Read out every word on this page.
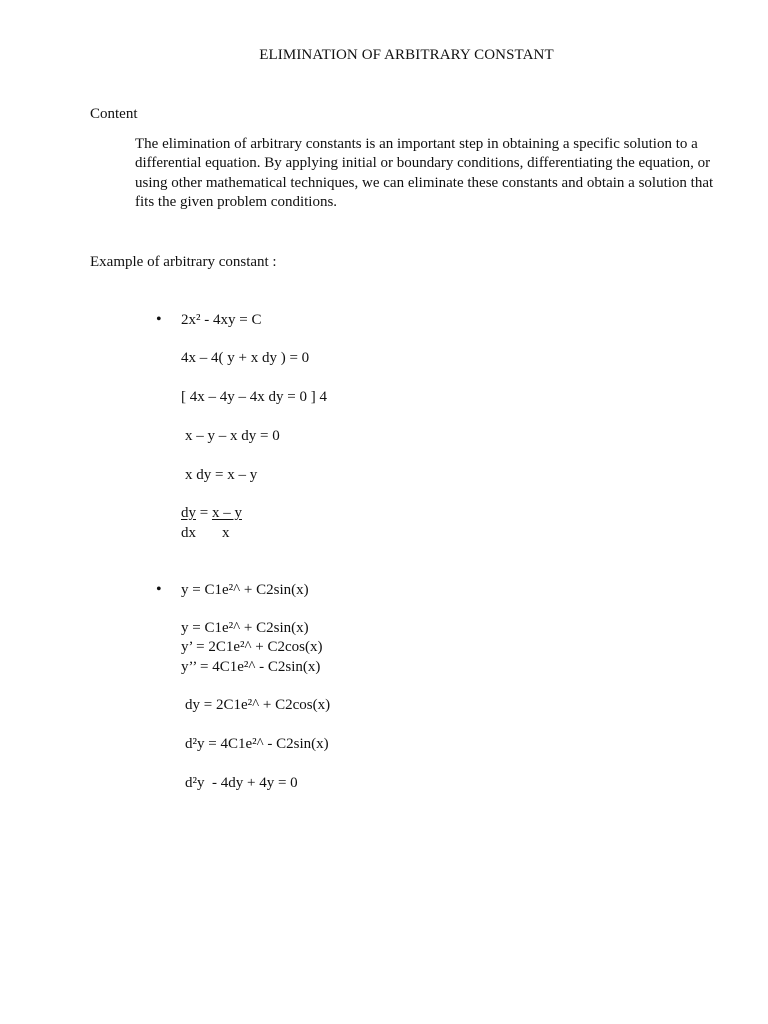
ELIMINATION OF ARBITRARY CONSTANT
Content
The elimination of arbitrary constants is an important step in obtaining a specific solution to a differential equation. By applying initial or boundary conditions, differentiating the equation, or using other mathematical techniques, we can eliminate these constants and obtain a solution that fits the given problem conditions.
Example of arbitrary constant :
• 2x² - 4xy = C
4x – 4( y + x dy ) = 0
[ 4x – 4y – 4x dy = 0 ] 4
x – y – x dy = 0
x dy = x – y
dy = x – y
dx x
• y = C1e²^ + C2sin(x)
y = C1e²^ + C2sin(x)
y’ = 2C1e²^ + C2cos(x)
y’’ = 4C1e²^ - C2sin(x)
dy = 2C1e²^ + C2cos(x)
d²y = 4C1e²^ - C2sin(x)
d²y  - 4dy + 4y = 0
